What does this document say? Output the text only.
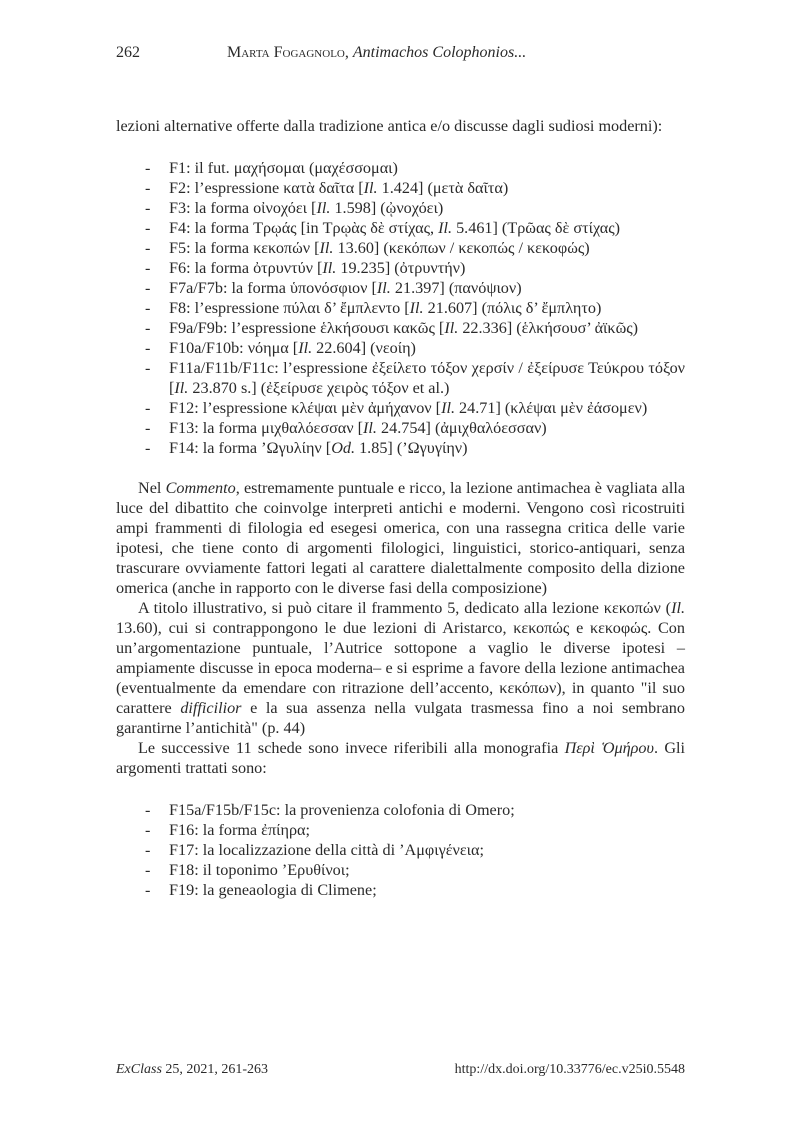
262	Marta Fogagnolo, Antimachos Colophonios...

lezioni alternative offerte dalla tradizione antica e/o discusse dagli sudiosi moderni):

- F1: il fut. μαχήσομαι (μαχέσσομαι)
- F2: l’espressione κατὰ δαῖτα [Il. 1.424] (μετὰ δαῖτα)
- F3: la forma οἰνοχόει [Il. 1.598] (ᾠνοχόει)
- F4: la forma Τρῳάς [in Τρῳὰς δὲ στίχας, Il. 5.461] (Τρῶας δὲ στίχας)
- F5: la forma κεκοπών [Il. 13.60] (κεκόπων / κεκοπώς / κεκοφώς)
- F6: la forma ὀτρυντύν [Il. 19.235] (ὀτρυντήν)
- F7a/F7b: la forma ὑπονόσφιον [Il. 21.397] (πανόψιον)
- F8: l’espressione πύλαι δ’ ἔμπλεντο [Il. 21.607] (πόλις δ’ ἔμπλητο)
- F9a/F9b: l’espressione ἑλκήσουσι κακῶς [Il. 22.336] (ἑλκήσουσ’ ἀϊκῶς)
- F10a/F10b: νόημα [Il. 22.604] (νεοίη)
- F11a/F11b/F11c: l’espressione ἐξείλετο τόξον χερσίν / ἐξείρυσε Τεύκρου τόξον [Il. 23.870 s.] (ἐξείρυσε χειρὸς τόξον et al.)
- F12: l’espressione κλέψαι μὲν ἀμήχανον [Il. 24.71] (κλέψαι μὲν ἐάσομεν)
- F13: la forma μιχθαλόεσσαν [Il. 24.754] (ἀμιχθαλόεσσαν)
- F14: la forma ’Ωγυλίην [Od. 1.85] (’Ωγυγίην)

Nel Commento, estremamente puntuale e ricco, la lezione antimachea è vagliata alla luce del dibattito che coinvolge interpreti antichi e moderni. Vengono così ricostruiti ampi frammenti di filologia ed esegesi omerica, con una rassegna critica delle varie ipotesi, che tiene conto di argomenti filologici, linguistici, storico-antiquari, senza trascurare ovviamente fattori legati al carattere dialettalmente composito della dizione omerica (anche in rapporto con le diverse fasi della composizione)

A titolo illustrativo, si può citare il frammento 5, dedicato alla lezione κεκοπών (Il. 13.60), cui si contrappongono le due lezioni di Aristarco, κεκοπώς e κεκοφώς. Con un’argomentazione puntuale, l’Autrice sottopone a vaglio le diverse ipotesi –ampiamente discusse in epoca moderna– e si esprime a favore della lezione antimachea (eventualmente da emendare con ritrazione dell’accento, κεκόπων), in quanto "il suo carattere difficilior e la sua assenza nella vulgata trasmessa fino a noi sembrano garantirne l’antichità" (p. 44)

Le successive 11 schede sono invece riferibili alla monografia Περὶ Ὁμήρου. Gli argomenti trattati sono:

- F15a/F15b/F15c: la provenienza colofonia di Omero;
- F16: la forma ἐπίηρα;
- F17: la localizzazione della città di ’Αμφιγένεια;
- F18: il toponimo ’Ερυθίνοι;
- F19: la geneaologia di Climene;
ExClass 25, 2021, 261-263	http://dx.doi.org/10.33776/ec.v25i0.5548
